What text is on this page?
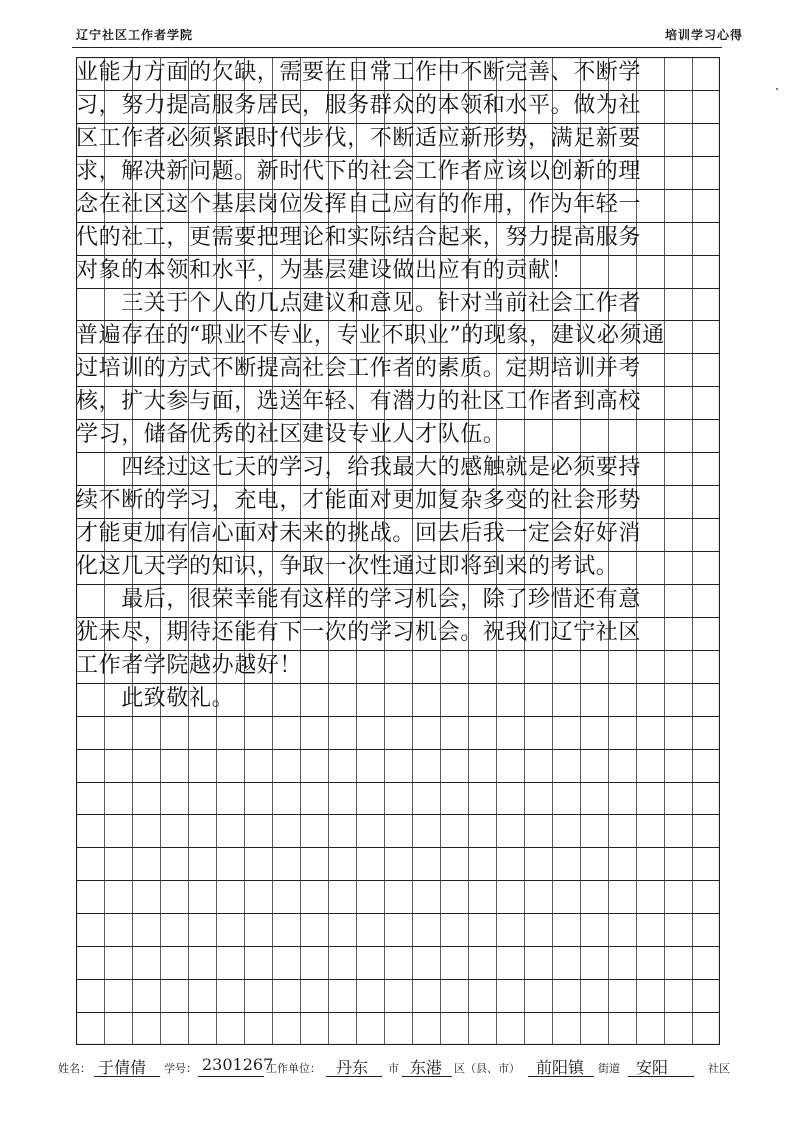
辽宁社区工作者学院	培训学习心得
业能力方面的欠缺，需要在日常工作中不断完善、不断学
习，努力提高服务居民，服务群众的本领和水平。做为社
区工作者必须紧跟时代步伐，不断适应新形势，满足新要
求，解决新问题。新时代下的社会工作者应该以创新的理
念在社区这个基层岗位发挥自己应有的作用，作为年轻一
代的社工，更需要把理论和实际结合起来，努力提高服务
对象的本领和水平，为基层建设做出应有的贡献！
　　三关于个人的几点建议和意见。针对当前社会工作者
普遍存在的“职业不专业，专业不职业”的现象，建议必须通
过培训的方式不断提高社会工作者的素质。定期培训并考
核，扩大参与面，选送年轻、有潜力的社区工作者到高校
学习，储备优秀的社区建设专业人才队伍。
　　四经过这七天的学习，给我最大的感触就是必须要持
续不断的学习，充电，才能面对更加复杂多变的社会形势
才能更加有信心面对未来的挑战。回去后我一定会好好消
化这几天学的知识，争取一次性通过即将到来的考试。
　　最后，很荣幸能有这样的学习机会，除了珍惜还有意
犹未尽，期待还能有下一次的学习机会。祝我们辽宁社区
工作者学院越办越好！
　　此致敬礼。
姓名： 于倩倩 学号： 2301267
工作单位： 丹东 市 东港 区（县、市） 前阳镇 街道 安阳	社区
